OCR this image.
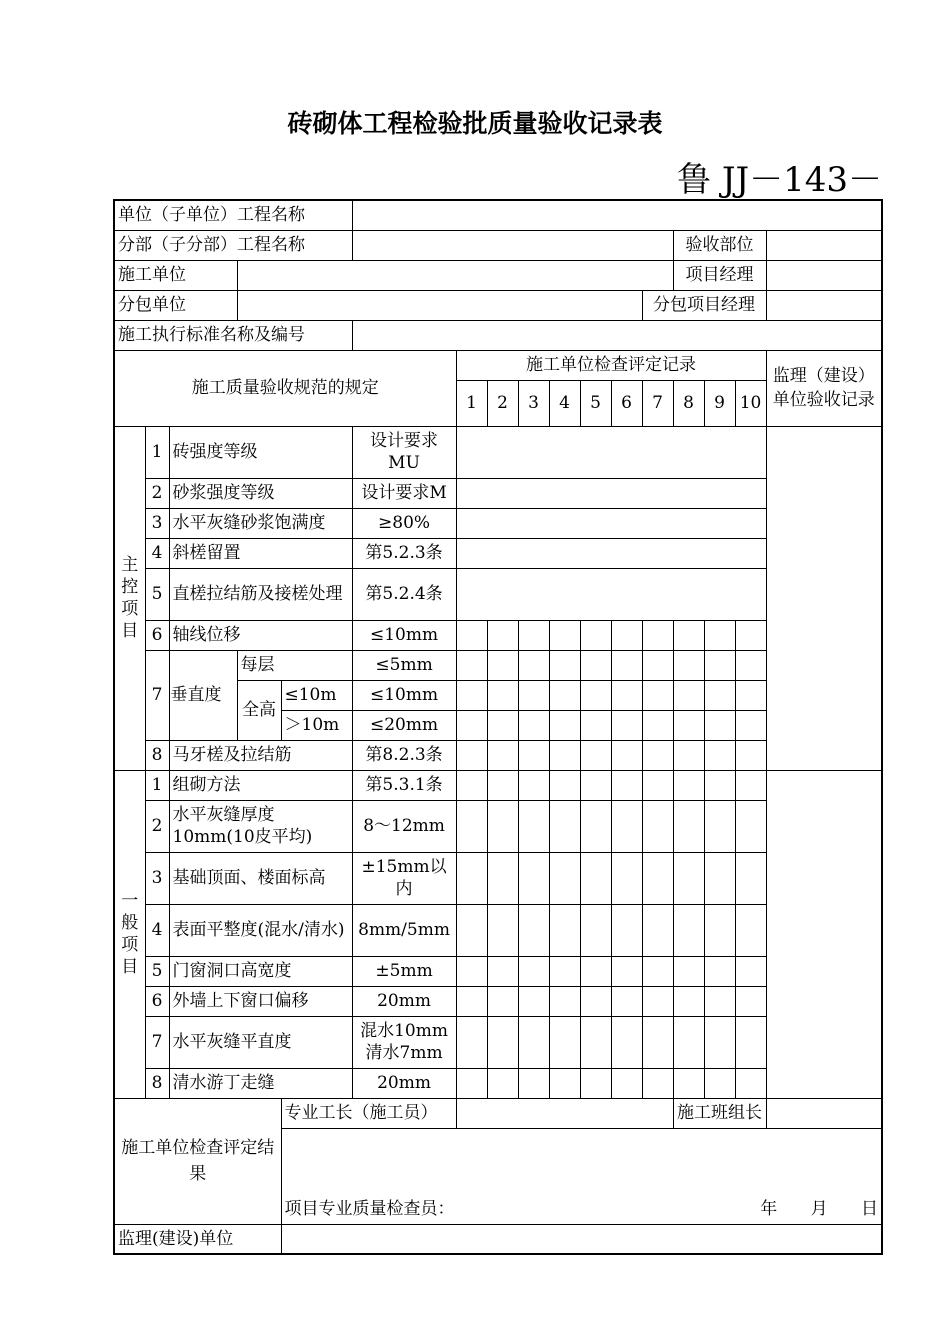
砖砌体工程检验批质量验收记录表
鲁 JJ－143－
单位（子单位）工程名称																
分部（子分部）工程名称													验收部位			
施工单位													项目经理			
分包单位												分包项目经理				
施工执行标准名称及编号																
施工质量验收规范的规定						施工单位检查评定记录										监理（建设）单位验收记录
						1	2	3	4	5	6	7	8	9	10	
主控项目	1	砖强度等级			设计要求MU											
	2	砂浆强度等级			设计要求M											
	3	水平灰缝砂浆饱满度			≥80%											
	4	斜槎留置			第5.2.3条											
	5	直槎拉结筋及接槎处理			第5.2.4条											
	6	轴线位移			≤10mm											
	7	垂直度	每层		≤5mm											
			全高	≤10m	≤10mm											
				＞10m	≤20mm											
	8	马牙槎及拉结筋			第8.2.3条											
一般项目	1	组砌方法			第5.3.1条											
	2	水平灰缝厚度10mm(10皮平均)			8～12mm											
	3	基础顶面、楼面标高			±15mm以内											
	4	表面平整度(混水/清水)			8mm/5mm											
	5	门窗洞口高宽度			±5mm											
	6	外墙上下窗口偏移			20mm											
	7	水平灰缝平直度			混水10mm 清水7mm											
	8	清水游丁走缝			20mm											
施工单位检查评定结果				专业工长（施工员）									施工班组长			
				项目专业质量检查员： 年 月 日												

监理(建设)单位																
